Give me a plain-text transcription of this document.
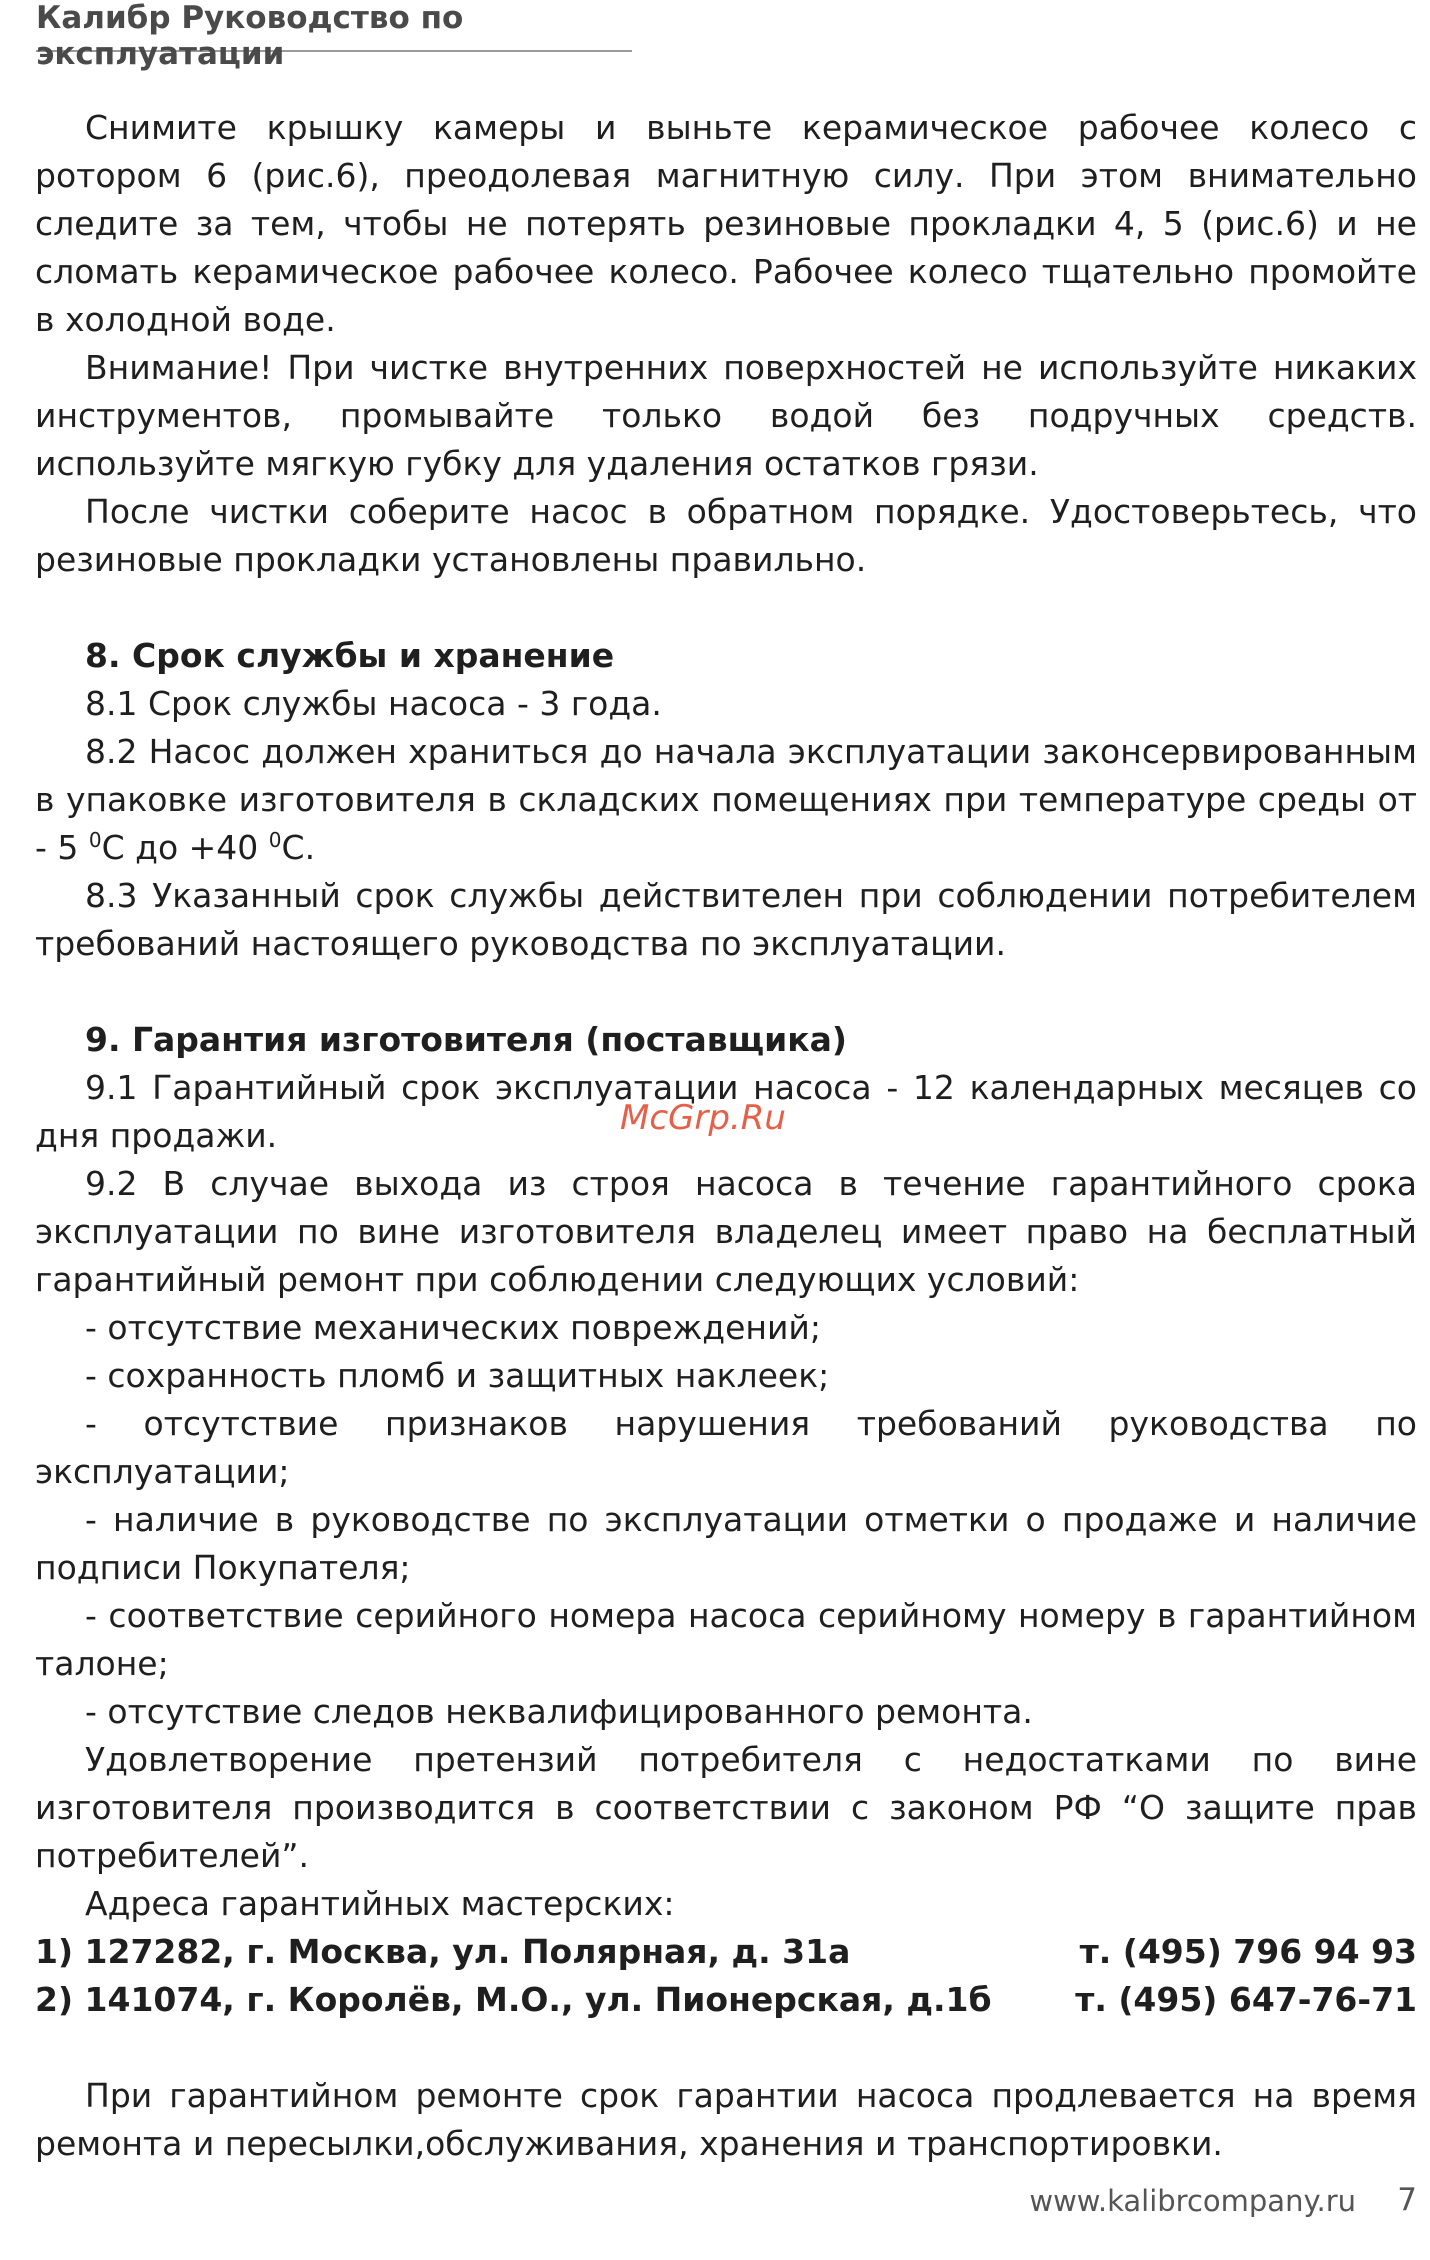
Калибр Руководство по эксплуатации

Снимите крышку камеры и выньте керамическое рабочее колесо с ротором 6 (рис.6), преодолевая магнитную силу. При этом внимательно следите за тем, чтобы не потерять резиновые прокладки 4, 5 (рис.6) и не сломать керамическое рабочее колесо. Рабочее колесо тщательно промойте в холодной воде.

Внимание! При чистке внутренних поверхностей не используйте никаких инструментов, промывайте только водой без подручных средств. используйте мягкую губку для удаления остатков грязи.

После чистки соберите насос в обратном порядке. Удостоверьтесь, что резиновые прокладки установлены правильно.

8. Срок службы и хранение

8.1 Срок службы насоса - 3 года.

8.2 Насос должен храниться до начала эксплуатации законсервированным в упаковке изготовителя в складских помещениях при температуре среды от - 5 $^0$С до +40 $^0$С.

8.3 Указанный срок службы действителен при соблюдении потребителем требований настоящего руководства по эксплуатации.

9. Гарантия изготовителя (поставщика)

9.1 Гарантийный срок эксплуатации насоса - 12 календарных месяцев со дня продажи.

9.2 В случае выхода из строя насоса в течение гарантийного срока эксплуатации по вине изготовителя владелец имеет право на бесплатный гарантийный ремонт при соблюдении следующих условий:

- отсутствие механических повреждений;

- сохранность пломб и защитных наклеек;

- отсутствие признаков нарушения требований руководства по эксплуатации;

- наличие в руководстве по эксплуатации отметки о продаже и наличие подписи Покупателя;

- соответствие серийного номера насоса серийному номеру в гарантийном талоне;

- отсутствие следов неквалифицированного ремонта.

Удовлетворение претензий потребителя с недостатками по вине изготовителя производится в соответствии с законом РФ “О защите прав потребителей”.

Адреса гарантийных мастерских:

1) 127282, г. Москва, ул. Полярная, д. 31а	т. (495) 796 94 93
2) 141074, г. Королёв, М.О., ул. Пионерская, д.1б	т. (495) 647-76-71

При гарантийном ремонте срок гарантии насоса продлевается на время ремонта и пересылки,обслуживания, хранения и транспортировки.

McGrp.Ru
www.kalibrcompany.ru 7
